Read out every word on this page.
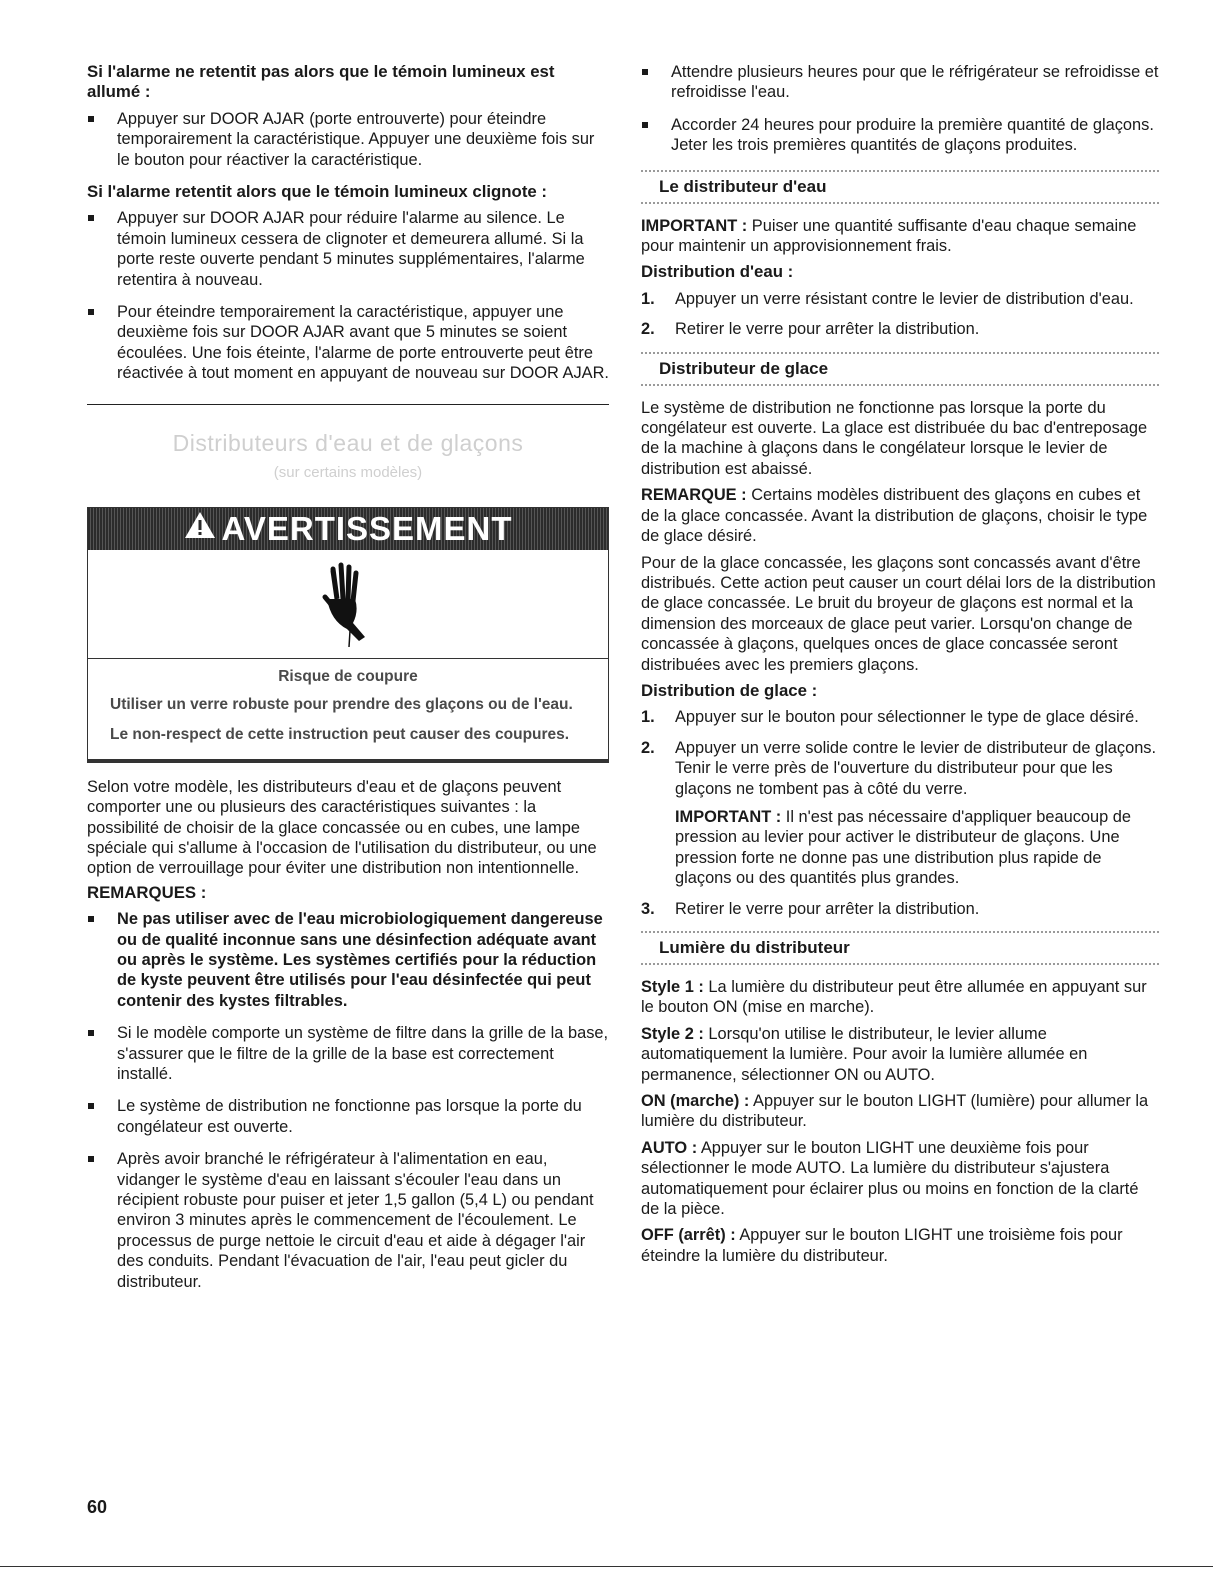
Si l'alarme ne retentit pas alors que le témoin lumineux est allumé :

Appuyer sur DOOR AJAR (porte entrouverte) pour éteindre temporairement la caractéristique. Appuyer une deuxième fois sur le bouton pour réactiver la caractéristique.

Si l'alarme retentit alors que le témoin lumineux clignote :

Appuyer sur DOOR AJAR pour réduire l'alarme au silence. Le témoin lumineux cessera de clignoter et demeurera allumé. Si la porte reste ouverte pendant 5 minutes supplémentaires, l'alarme retentira à nouveau.
Pour éteindre temporairement la caractéristique, appuyer une deuxième fois sur DOOR AJAR avant que 5 minutes se soient écoulées. Une fois éteinte, l'alarme de porte entrouverte peut être réactivée à tout moment en appuyant de nouveau sur DOOR AJAR.
Distributeurs d'eau et de glaçons
(sur certains modèles)
AVERTISSEMENT

Risque de coupure

Utiliser un verre robuste pour prendre des glaçons ou de l'eau.

Le non-respect de cette instruction peut causer des coupures.

Selon votre modèle, les distributeurs d'eau et de glaçons peuvent comporter une ou plusieurs des caractéristiques suivantes : la possibilité de choisir de la glace concassée ou en cubes, une lampe spéciale qui s'allume à l'occasion de l'utilisation du distributeur, ou une option de verrouillage pour éviter une distribution non intentionnelle.

REMARQUES :

Ne pas utiliser avec de l'eau microbiologiquement dangereuse ou de qualité inconnue sans une désinfection adéquate avant ou après le système. Les systèmes certifiés pour la réduction de kyste peuvent être utilisés pour l'eau désinfectée qui peut contenir des kystes filtrables.
Si le modèle comporte un système de filtre dans la grille de la base, s'assurer que le filtre de la grille de la base est correctement installé.
Le système de distribution ne fonctionne pas lorsque la porte du congélateur est ouverte.
Après avoir branché le réfrigérateur à l'alimentation en eau, vidanger le système d'eau en laissant s'écouler l'eau dans un récipient robuste pour puiser et jeter 1,5 gallon (5,4 L) ou pendant environ 3 minutes après le commencement de l'écoulement. Le processus de purge nettoie le circuit d'eau et aide à dégager l'air des conduits. Pendant l'évacuation de l'air, l'eau peut gicler du distributeur.
Attendre plusieurs heures pour que le réfrigérateur se refroidisse et refroidisse l'eau.
Accorder 24 heures pour produire la première quantité de glaçons. Jeter les trois premières quantités de glaçons produites.
Le distributeur d'eau

IMPORTANT : Puiser une quantité suffisante d'eau chaque semaine pour maintenir un approvisionnement frais.

Distribution d'eau :

1. Appuyer un verre résistant contre le levier de distribution d'eau.
2. Retirer le verre pour arrêter la distribution.
Distributeur de glace

Le système de distribution ne fonctionne pas lorsque la porte du congélateur est ouverte. La glace est distribuée du bac d'entreposage de la machine à glaçons dans le congélateur lorsque le levier de distribution est abaissé.

REMARQUE : Certains modèles distribuent des glaçons en cubes et de la glace concassée. Avant la distribution de glaçons, choisir le type de glace désiré.

Pour de la glace concassée, les glaçons sont concassés avant d'être distribués. Cette action peut causer un court délai lors de la distribution de glace concassée. Le bruit du broyeur de glaçons est normal et la dimension des morceaux de glace peut varier. Lorsqu'on change de concassée à glaçons, quelques onces de glace concassée seront distribuées avec les premiers glaçons.

Distribution de glace :

1. Appuyer sur le bouton pour sélectionner le type de glace désiré.
2. Appuyer un verre solide contre le levier de distributeur de glaçons. Tenir le verre près de l'ouverture du distributeur pour que les glaçons ne tombent pas à côté du verre.
IMPORTANT : Il n'est pas nécessaire d'appliquer beaucoup de pression au levier pour activer le distributeur de glaçons. Une pression forte ne donne pas une distribution plus rapide de glaçons ou des quantités plus grandes.
3. Retirer le verre pour arrêter la distribution.
Lumière du distributeur

Style 1 : La lumière du distributeur peut être allumée en appuyant sur le bouton ON (mise en marche).

Style 2 : Lorsqu'on utilise le distributeur, le levier allume automatiquement la lumière. Pour avoir la lumière allumée en permanence, sélectionner ON ou AUTO.

ON (marche) : Appuyer sur le bouton LIGHT (lumière) pour allumer la lumière du distributeur.

AUTO : Appuyer sur le bouton LIGHT une deuxième fois pour sélectionner le mode AUTO. La lumière du distributeur s'ajustera automatiquement pour éclairer plus ou moins en fonction de la clarté de la pièce.

OFF (arrêt) : Appuyer sur le bouton LIGHT une troisième fois pour éteindre la lumière du distributeur.

60
